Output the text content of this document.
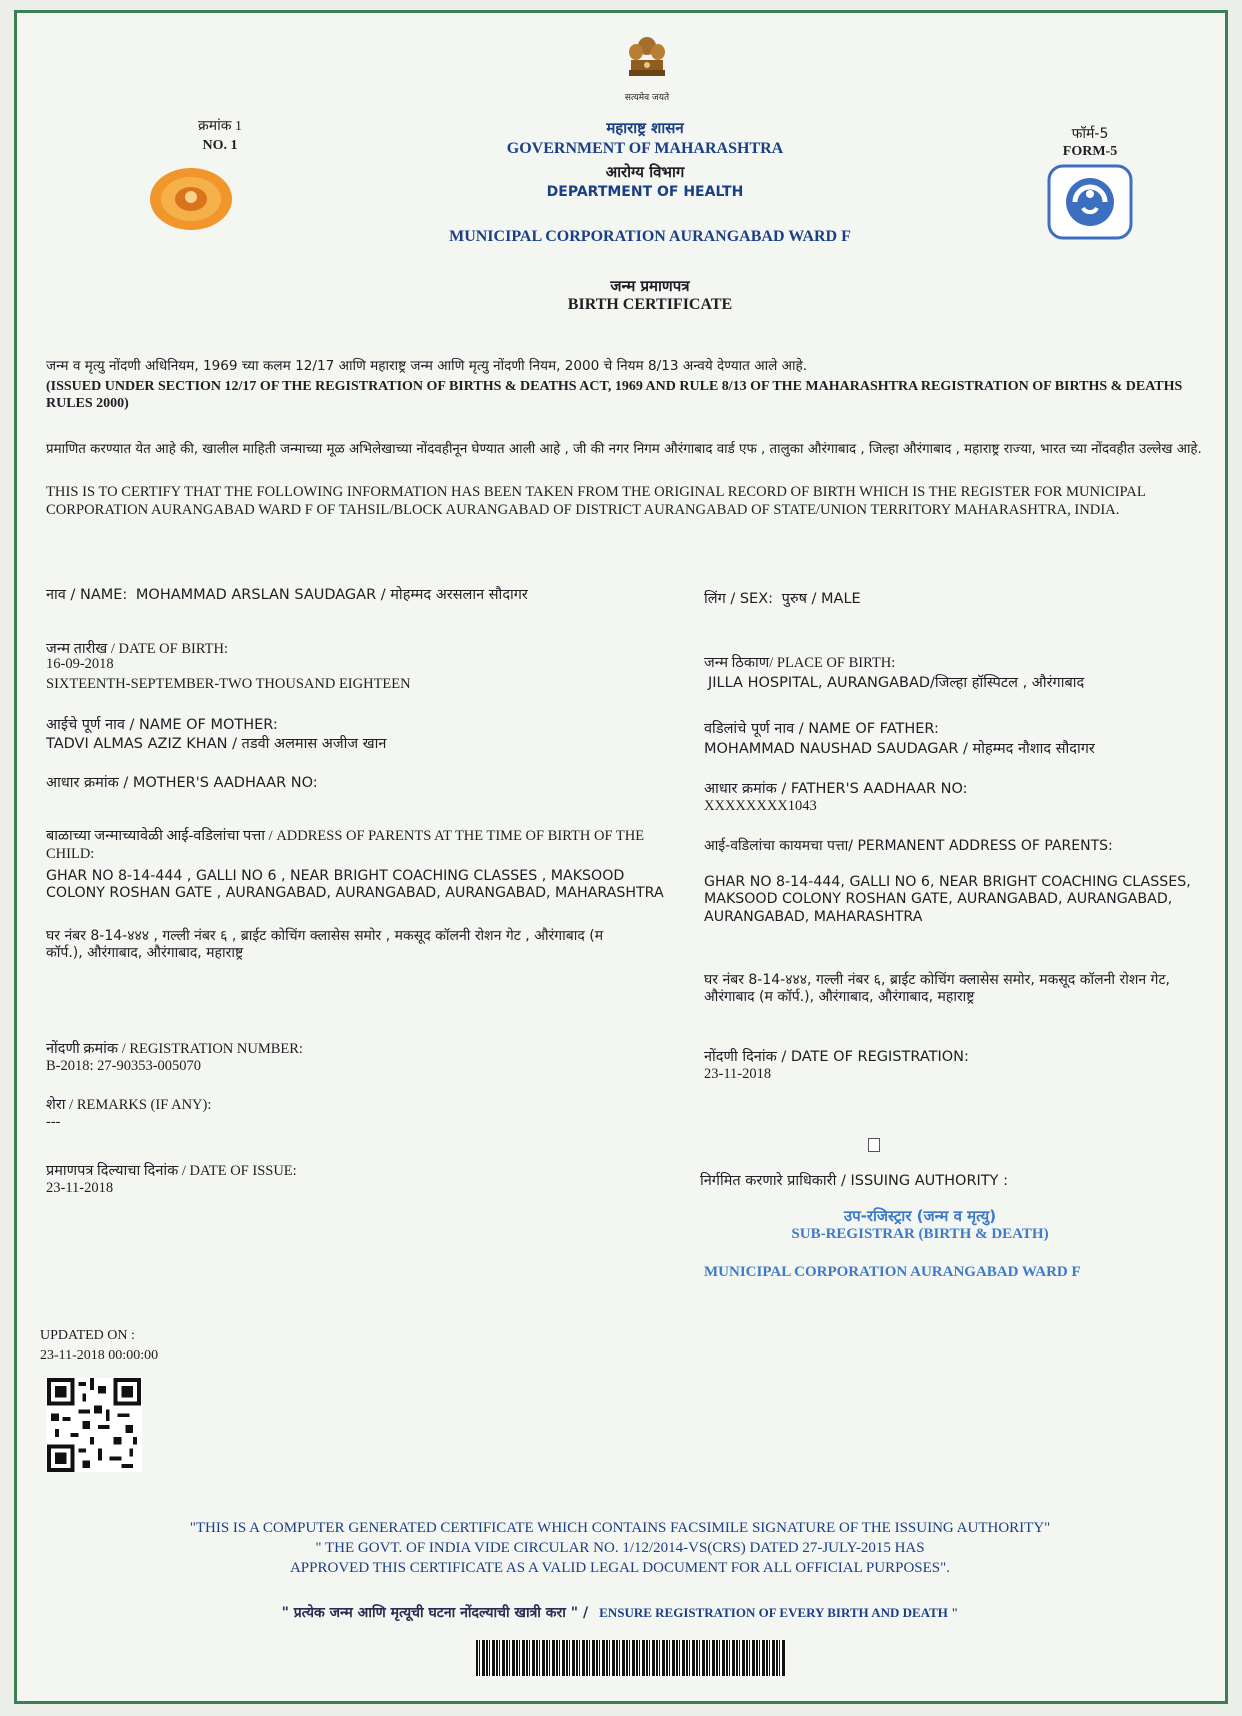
सत्यमेव जयते
क्रमांक 1
NO. 1
महाराष्ट्र शासन
GOVERNMENT OF MAHARASHTRA
आरोग्य विभाग
DEPARTMENT OF HEALTH
फॉर्म-5
FORM-5
MUNICIPAL CORPORATION AURANGABAD WARD F
जन्म प्रमाणपत्र
BIRTH CERTIFICATE
जन्म व मृत्यु नोंदणी अधिनियम, 1969 च्या कलम 12/17 आणि महाराष्ट्र जन्म आणि मृत्यु नोंदणी नियम, 2000 चे नियम 8/13 अन्वये देण्यात आले आहे.
(ISSUED UNDER SECTION 12/17 OF THE REGISTRATION OF BIRTHS & DEATHS ACT, 1969 AND RULE 8/13 OF THE MAHARASHTRA REGISTRATION OF BIRTHS & DEATHS RULES 2000)
प्रमाणित करण्यात येत आहे की, खालील माहिती जन्माच्या मूळ अभिलेखाच्या नोंदवहीनून घेण्यात आली आहे , जी की नगर निगम औरंगाबाद वार्ड एफ , तालुका औरंगाबाद , जिल्हा औरंगाबाद , महाराष्ट्र राज्या, भारत च्या नोंदवहीत उल्लेख आहे.
THIS IS TO CERTIFY THAT THE FOLLOWING INFORMATION HAS BEEN TAKEN FROM THE ORIGINAL RECORD OF BIRTH WHICH IS THE REGISTER FOR MUNICIPAL CORPORATION AURANGABAD WARD F OF TAHSIL/BLOCK AURANGABAD OF DISTRICT AURANGABAD OF STATE/UNION TERRITORY MAHARASHTRA, INDIA.
नाव / NAME: MOHAMMAD ARSLAN SAUDAGAR / मोहम्मद अरसलान सौदागर
जन्म तारीख / DATE OF BIRTH:
16-09-2018
SIXTEENTH-SEPTEMBER-TWO THOUSAND EIGHTEEN
आईचे पूर्ण नाव / NAME OF MOTHER:
TADVI ALMAS AZIZ KHAN / तडवी अलमास अजीज खान
आधार क्रमांक / MOTHER'S AADHAAR NO:
बाळाच्या जन्माच्यावेळी आई-वडिलांचा पत्ता / ADDRESS OF PARENTS AT THE TIME OF BIRTH OF THE CHILD:
GHAR NO 8-14-444 , GALLI NO 6 , NEAR BRIGHT COACHING CLASSES , MAKSOOD COLONY ROSHAN GATE , AURANGABAD, AURANGABAD, AURANGABAD, MAHARASHTRA
घर नंबर 8-14-४४४ , गल्ली नंबर ६ , ब्राईट कोचिंग क्लासेस समोर , मकसूद कॉलनी रोशन गेट , औरंगाबाद (म कॉर्प.), औरंगाबाद, औरंगाबाद, महाराष्ट्र
नोंदणी क्रमांक / REGISTRATION NUMBER:
B-2018: 27-90353-005070
शेरा / REMARKS (IF ANY):
---
प्रमाणपत्र दिल्याचा दिनांक / DATE OF ISSUE:
23-11-2018
लिंग / SEX: पुरुष / MALE
जन्म ठिकाण/ PLACE OF BIRTH:
JILLA HOSPITAL, AURANGABAD/जिल्हा हॉस्पिटल , औरंगाबाद
वडिलांचे पूर्ण नाव / NAME OF FATHER:
MOHAMMAD NAUSHAD SAUDAGAR / मोहम्मद नौशाद सौदागर
आधार क्रमांक / FATHER'S AADHAAR NO:
XXXXXXXX1043
आई-वडिलांचा कायमचा पत्ता/ PERMANENT ADDRESS OF PARENTS:
GHAR NO 8-14-444, GALLI NO 6, NEAR BRIGHT COACHING CLASSES, MAKSOOD COLONY ROSHAN GATE, AURANGABAD, AURANGABAD, AURANGABAD, MAHARASHTRA
घर नंबर 8-14-४४४, गल्ली नंबर ६, ब्राईट कोचिंग क्लासेस समोर, मकसूद कॉलनी रोशन गेट, औरंगाबाद (म कॉर्प.), औरंगाबाद, औरंगाबाद, महाराष्ट्र
नोंदणी दिनांक / DATE OF REGISTRATION:
23-11-2018
निर्गमित करणारे प्राधिकारी / ISSUING AUTHORITY :
उप-रजिस्ट्रार (जन्म व मृत्यु)
SUB-REGISTRAR (BIRTH & DEATH)
MUNICIPAL CORPORATION AURANGABAD WARD F
UPDATED ON :
23-11-2018 00:00:00
"THIS IS A COMPUTER GENERATED CERTIFICATE WHICH CONTAINS FACSIMILE SIGNATURE OF THE ISSUING AUTHORITY"
" THE GOVT. OF INDIA VIDE CIRCULAR NO. 1/12/2014-VS(CRS) DATED 27-JULY-2015 HAS
APPROVED THIS CERTIFICATE AS A VALID LEGAL DOCUMENT FOR ALL OFFICIAL PURPOSES".
" प्रत्येक जन्म आणि मृत्यूची घटना नोंदल्याची खात्री करा " / ENSURE REGISTRATION OF EVERY BIRTH AND DEATH "
